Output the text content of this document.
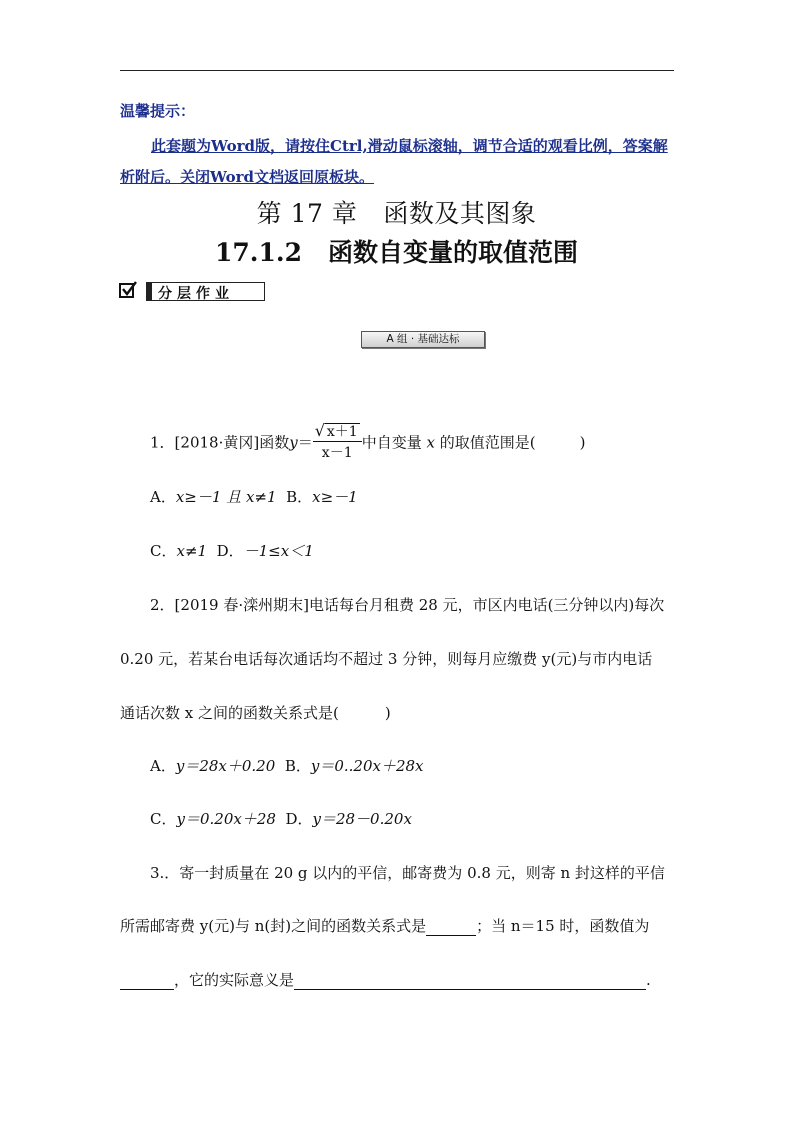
温馨提示：
此套题为Word版，请按住Ctrl,滑动鼠标滚轴，调节合适的观看比例，答案解析附后。关闭Word文档返回原板块。
第 17 章 函数及其图象
17.1.2 函数自变量的取值范围
分层作业
A 组 · 基础达标
1．[2018·黄冈]函数$y= \frac{√ x+1}{x-1}$ 中自变量 x 的取值范围是(	)
A．x≥－1 且 x≠1 B．x≥－1
C．x≠1 D．－1≤x＜1
2．[2019 春·滦州期末]电话每台月租费 28 元，市区内电话(三分钟以内)每次
0.20 元，若某台电话每次通话均不超过 3 分钟，则每月应缴费 y(元)与市内电话
通话次数 x 之间的函数关系式是(	)
A．y＝28x＋0.20 B．y＝0..20x＋28x
C．y＝0.20x＋28 D．y＝28－0.20x
3.．寄一封质量在 20 g 以内的平信，邮寄费为 0.8 元，则寄 n 封这样的平信
所需邮寄费 y(元)与 n(封)之间的函数关系式是	；当 n＝15 时，函数值为
，它的实际意义是	.
